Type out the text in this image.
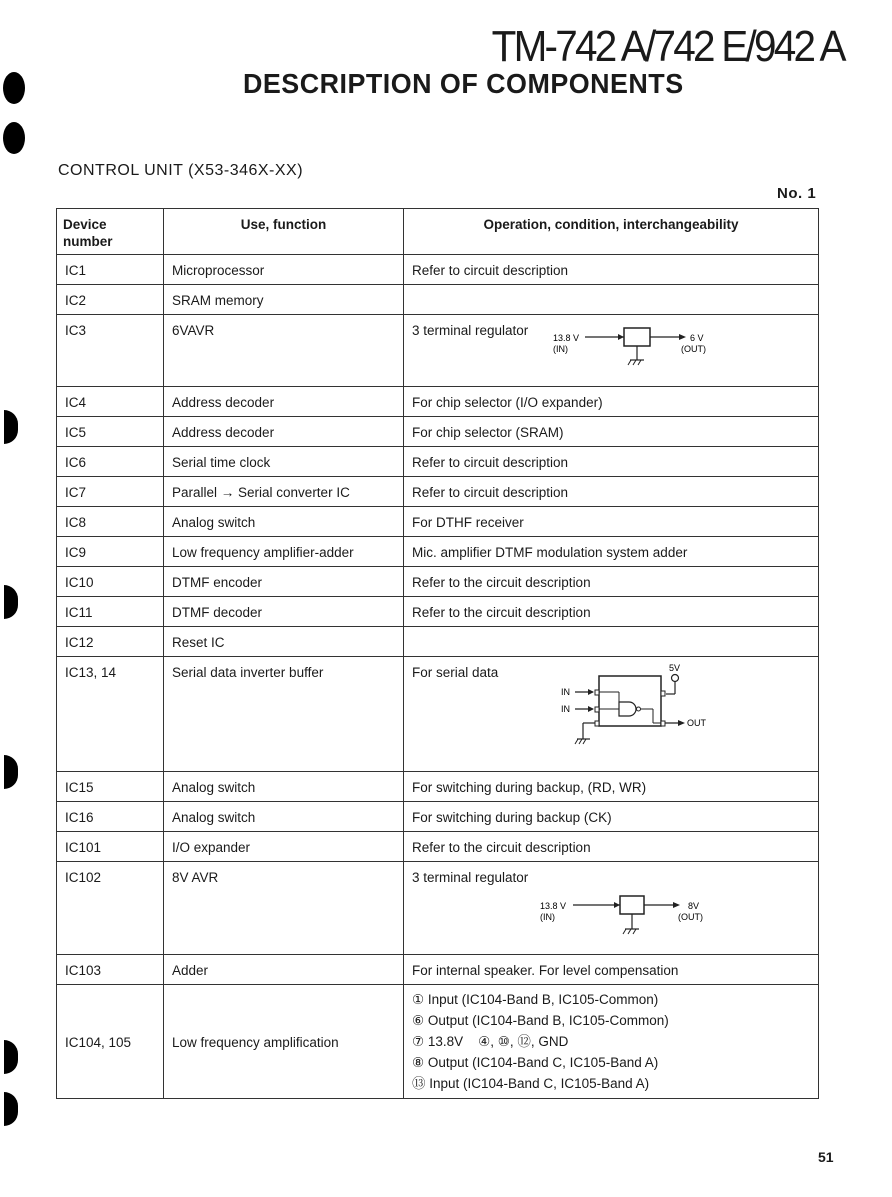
TM-742 A/742 E/942 A
DESCRIPTION OF COMPONENTS
CONTROL UNIT (X53-346X-XX)
No. 1
Device number	Use, function	Operation, condition, interchangeability
IC1	Microprocessor	Refer to circuit description
IC2	SRAM memory	
IC3	6VAVR	3 terminal regulator 13.8 V
(IN)
6 V
(OUT)

IC4	Address decoder	For chip selector (I/O expander)
IC5	Address decoder	For chip selector (SRAM)
IC6	Serial time clock	Refer to circuit description
IC7	Parallel → Serial converter IC	Refer to circuit description
IC8	Analog switch	For DTHF receiver
IC9	Low frequency amplifier-adder	Mic. amplifier DTMF modulation system adder
IC10	DTMF encoder	Refer to the circuit description
IC11	DTMF decoder	Refer to the circuit description
IC12	Reset IC	
IC13, 14	Serial data inverter buffer	For serial data 5V
IN
IN
OUT

IC15	Analog switch	For switching during backup, (RD, WR)
IC16	Analog switch	For switching during backup (CK)
IC101	I/O expander	Refer to the circuit description
IC102	8V AVR	3 terminal regulator
13.8 V
(IN)
8V
(OUT)

IC103	Adder	For internal speaker. For level compensation
IC104, 105	Low frequency amplification	① Input (IC104-Band B, IC105-Common)
⑥ Output (IC104-Band B, IC105-Common)
⑦ 13.8V    ④, ⑩, ⑫, GND
⑧ Output (IC104-Band C, IC105-Band A)
⑬ Input (IC104-Band C, IC105-Band A)
51
